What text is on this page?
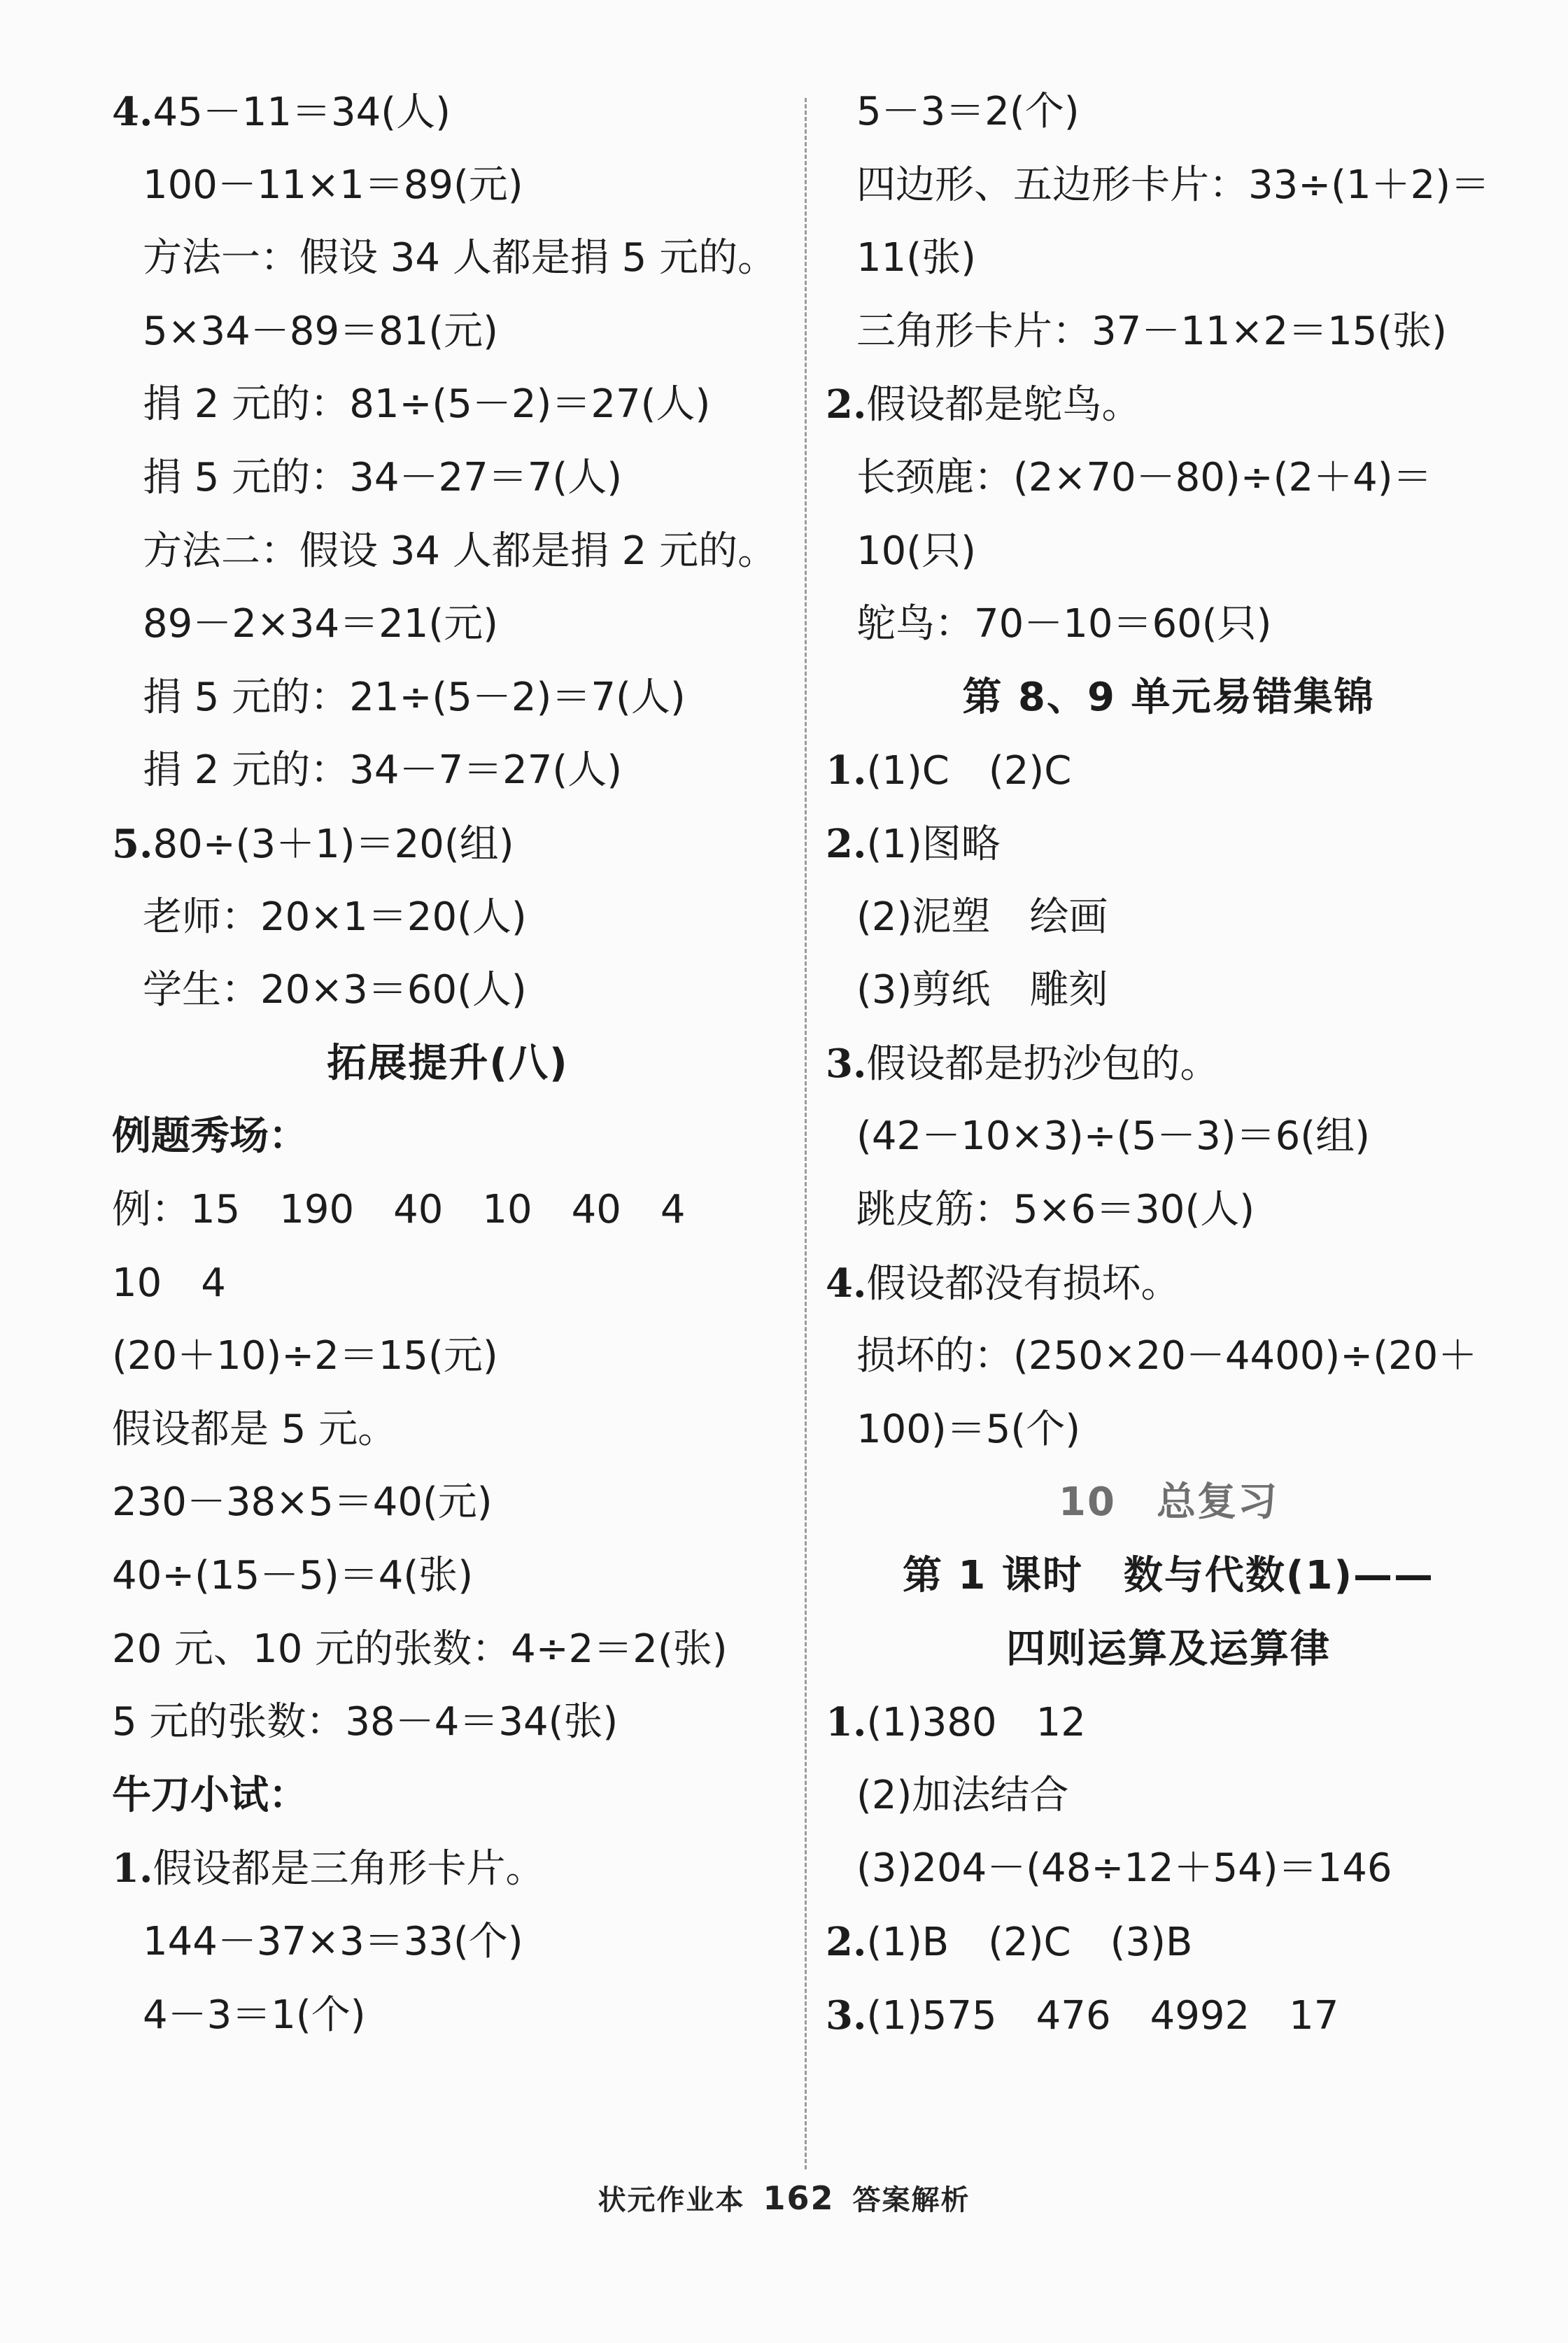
4.45－11＝34(人)
100－11×1＝89(元)
方法一：假设 34 人都是捐 5 元的。
5×34－89＝81(元)
捐 2 元的：81÷(5－2)＝27(人)
捐 5 元的：34－27＝7(人)
方法二：假设 34 人都是捐 2 元的。
89－2×34＝21(元)
捐 5 元的：21÷(5－2)＝7(人)
捐 2 元的：34－7＝27(人)
5.80÷(3＋1)＝20(组)
老师：20×1＝20(人)
学生：20×3＝60(人)
拓展提升(八)
例题秀场：
例：15　190　40　10　40　4
10　4
(20＋10)÷2＝15(元)
假设都是 5 元。
230－38×5＝40(元)
40÷(15－5)＝4(张)
20 元、10 元的张数：4÷2＝2(张)
5 元的张数：38－4＝34(张)
牛刀小试：
1.假设都是三角形卡片。
144－37×3＝33(个)
4－3＝1(个)
5－3＝2(个)
四边形、五边形卡片：33÷(1＋2)＝
11(张)
三角形卡片：37－11×2＝15(张)
2.假设都是鸵鸟。
长颈鹿：(2×70－80)÷(2＋4)＝
10(只)
鸵鸟：70－10＝60(只)
第 8、9 单元易错集锦
1.(1)C　(2)C
2.(1)图略
(2)泥塑　绘画
(3)剪纸　雕刻
3.假设都是扔沙包的。
(42－10×3)÷(5－3)＝6(组)
跳皮筋：5×6＝30(人)
4.假设都没有损坏。
损坏的：(250×20－4400)÷(20＋
100)＝5(个)
10　总复习
第 1 课时　数与代数(1)——
四则运算及运算律
1.(1)380　12
(2)加法结合
(3)204－(48÷12＋54)＝146
2.(1)B　(2)C　(3)B
3.(1)575　476　4992　17
状元作业本 162 答案解析
